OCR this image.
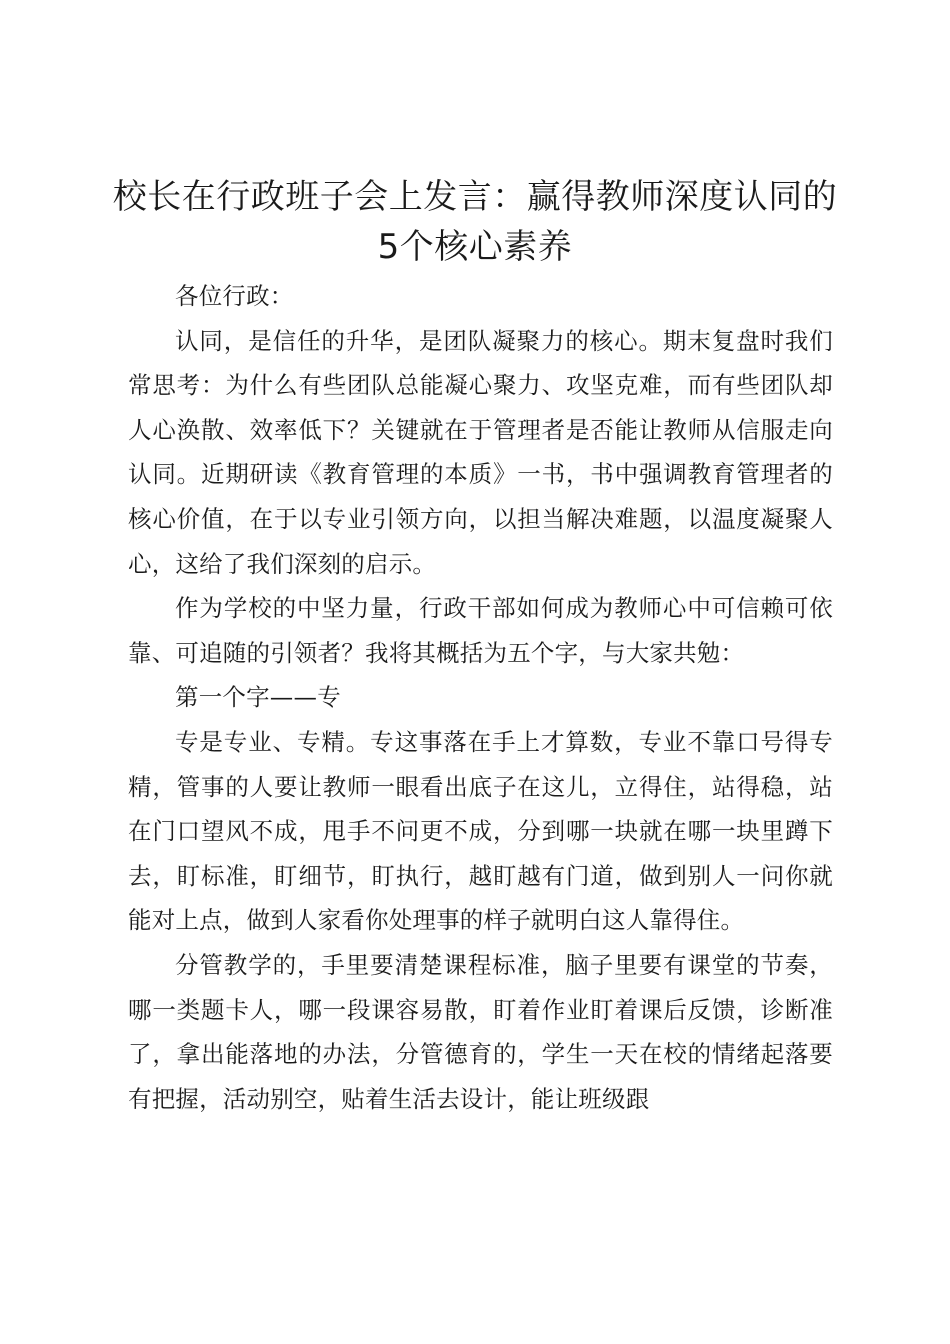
校长在行政班子会上发言：赢得教师深度认同的5个核心素养

各位行政：

认同，是信任的升华，是团队凝聚力的核心。期末复盘时我们常思考：为什么有些团队总能凝心聚力、攻坚克难，而有些团队却人心涣散、效率低下？关键就在于管理者是否能让教师从信服走向认同。近期研读《教育管理的本质》一书，书中强调教育管理者的核心价值，在于以专业引领方向，以担当解决难题，以温度凝聚人心，这给了我们深刻的启示。

作为学校的中坚力量，行政干部如何成为教师心中可信赖可依靠、可追随的引领者？我将其概括为五个字，与大家共勉：

第一个字——专

专是专业、专精。专这事落在手上才算数，专业不靠口号得专精，管事的人要让教师一眼看出底子在这儿，立得住，站得稳，站在门口望风不成，甩手不问更不成，分到哪一块就在哪一块里蹲下去，盯标准，盯细节，盯执行，越盯越有门道，做到别人一问你就能对上点，做到人家看你处理事的样子就明白这人靠得住。

分管教学的，手里要清楚课程标准，脑子里要有课堂的节奏，哪一类题卡人，哪一段课容易散，盯着作业盯着课后反馈，诊断准了，拿出能落地的办法，分管德育的，学生一天在校的情绪起落要有把握，活动别空，贴着生活去设计，能让班级跟
